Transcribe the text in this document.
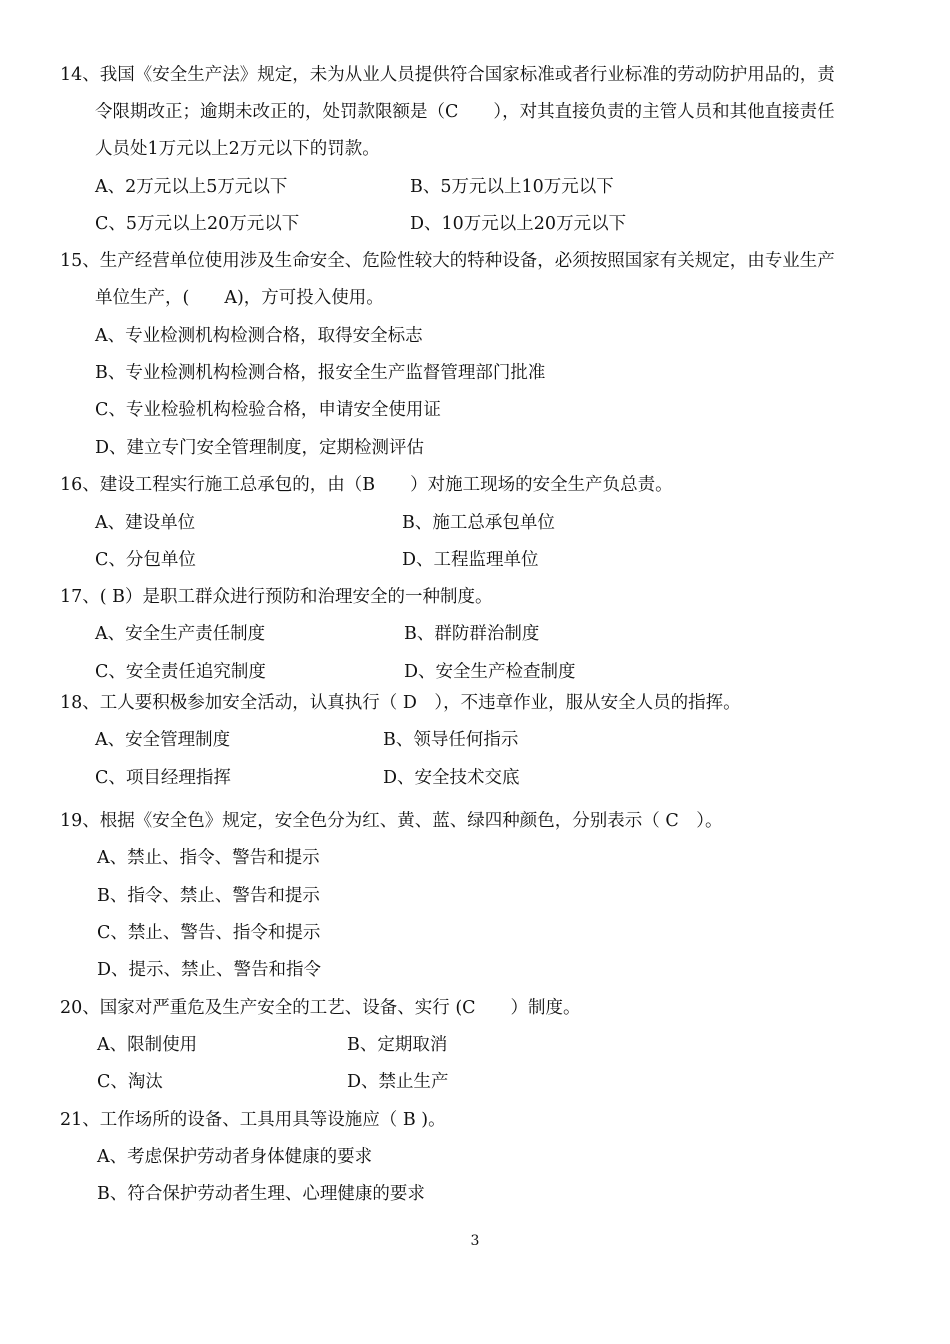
14、我国《安全生产法》规定，未为从业人员提供符合国家标准或者行业标准的劳动防护用品的，责
令限期改正；逾期未改正的，处罚款限额是（C　　），对其直接负责的主管人员和其他直接责任
人员处1万元以上2万元以下的罚款。
A、2万元以上5万元以下	B、5万元以上10万元以下
C、5万元以上20万元以下	D、10万元以上20万元以下
15、生产经营单位使用涉及生命安全、危险性较大的特种设备，必须按照国家有关规定，由专业生产
单位生产，(　　A)，方可投入使用。
A、专业检测机构检测合格，取得安全标志
B、专业检测机构检测合格，报安全生产监督管理部门批准
C、专业检验机构检验合格，申请安全使用证
D、建立专门安全管理制度，定期检测评估
16、建设工程实行施工总承包的，由（B　　）对施工现场的安全生产负总责。
A、建设单位	B、施工总承包单位
C、分包单位	D、工程监理单位
17、( B）是职工群众进行预防和治理安全的一种制度。
A、安全生产责任制度	B、群防群治制度
C、安全责任追究制度	D、安全生产检查制度
18、工人要积极参加安全活动，认真执行（ D　），不违章作业，服从安全人员的指挥。
A、安全管理制度	B、领导任何指示
C、项目经理指挥	D、安全技术交底
19、根据《安全色》规定，安全色分为红、黄、蓝、绿四种颜色，分别表示（ C　）。
A、禁止、指令、警告和提示
B、指令、禁止、警告和提示
C、禁止、警告、指令和提示
D、提示、禁止、警告和指令
20、国家对严重危及生产安全的工艺、设备、实行 (C　　）制度。
A、限制使用	B、定期取消
C、淘汰	D、禁止生产
21、工作场所的设备、工具用具等设施应（ B )。
A、考虑保护劳动者身体健康的要求
B、符合保护劳动者生理、心理健康的要求
3
